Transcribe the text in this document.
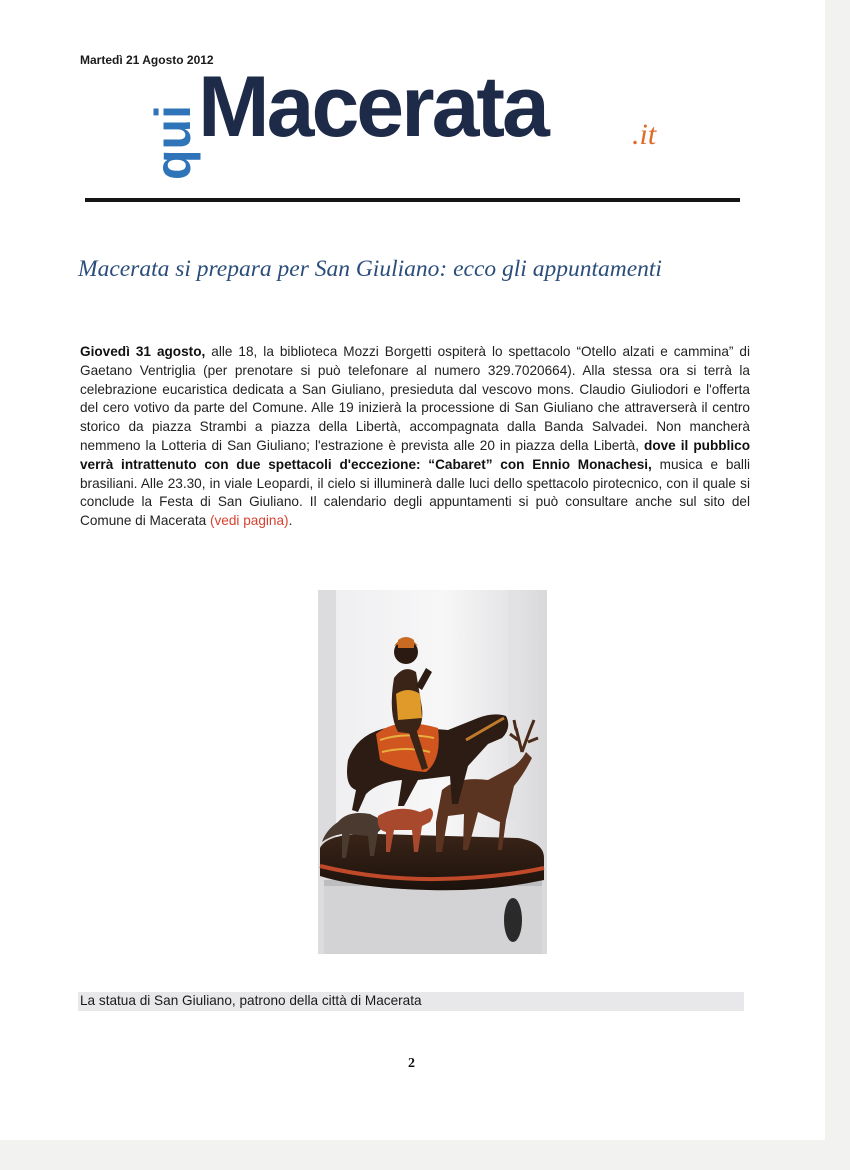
Martedì 21 Agosto 2012
qui
Macerata	.it
Macerata si prepara per San Giuliano: ecco gli appuntamenti

Giovedì 31 agosto, alle 18, la biblioteca Mozzi Borgetti ospiterà lo spettacolo “Otello alzati e cammina” di Gaetano Ventriglia (per prenotare si può telefonare al numero 329.7020664). Alla stessa ora si terrà la celebrazione eucaristica dedicata a San Giuliano, presieduta dal vescovo mons. Claudio Giuliodori e l'offerta del cero votivo da parte del Comune. Alle 19 inizierà la processione di San Giuliano che attraverserà il centro storico da piazza Strambi a piazza della Libertà, accompagnata dalla Banda Salvadei. Non mancherà nemmeno la Lotteria di San Giuliano; l'estrazione è prevista alle 20 in piazza della Libertà, dove il pubblico verrà intrattenuto con due spettacoli d'eccezione: “Cabaret” con Ennio Monachesi, musica e balli brasiliani. Alle 23.30, in viale Leopardi, il cielo si illuminerà dalle luci dello spettacolo pirotecnico, con il quale si conclude la Festa di San Giuliano. Il calendario degli appuntamenti si può consultare anche sul sito del Comune di Macerata (vedi pagina).

La statua di San Giuliano, patrono della città di Macerata
2
